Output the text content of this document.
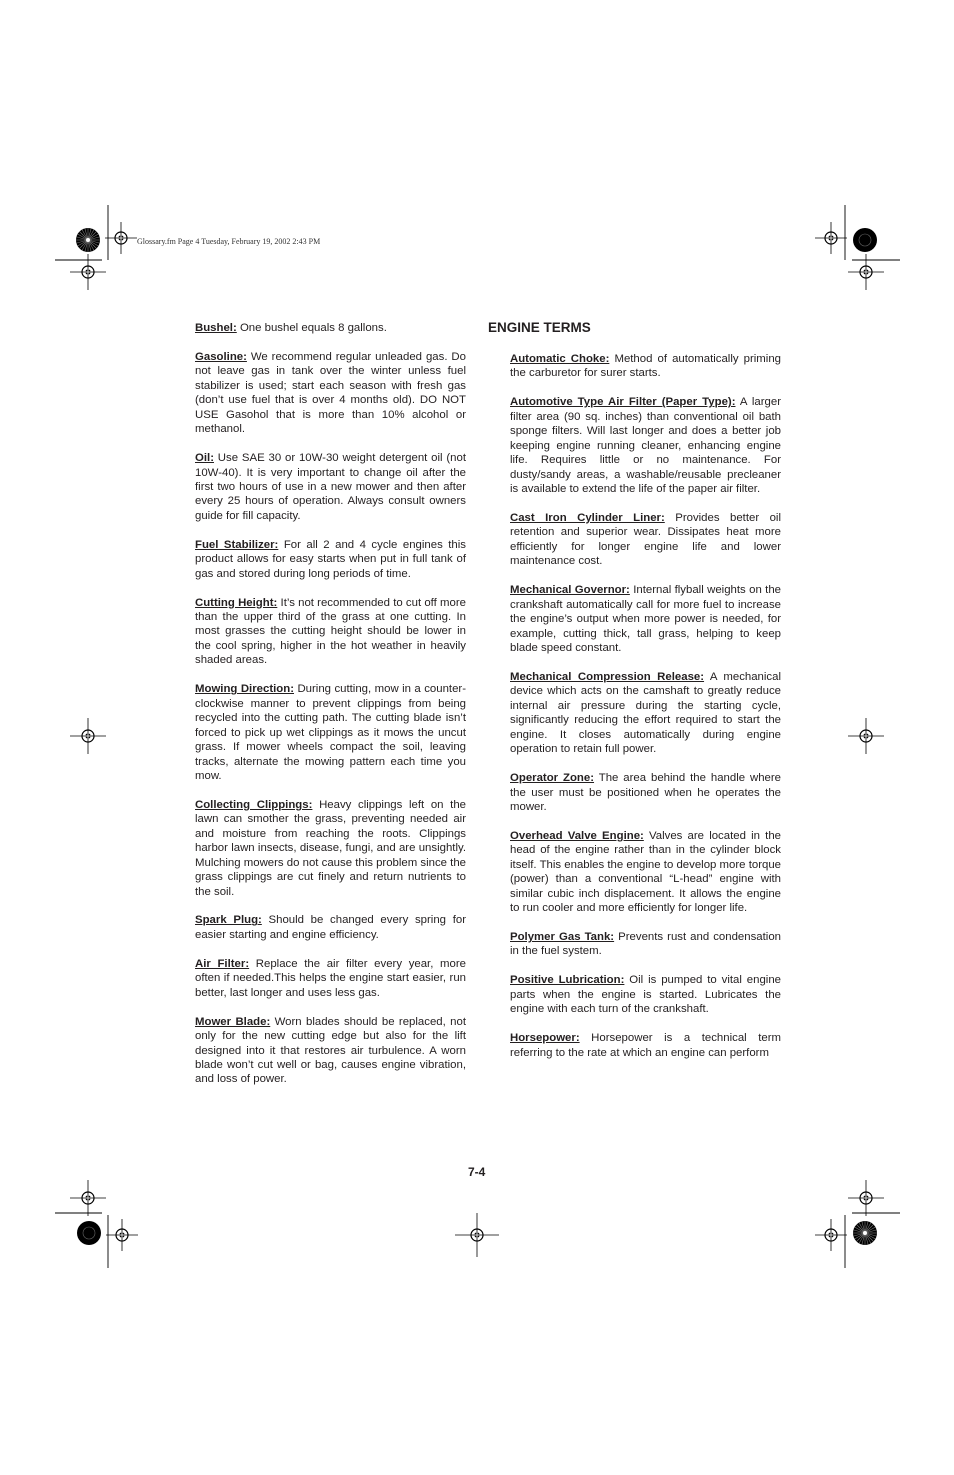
Glossary.fm Page 4 Tuesday, February 19, 2002 2:43 PM

Bushel: One bushel equals 8 gallons.

Gasoline: We recommend regular unleaded gas. Do not leave gas in tank over the winter unless fuel stabilizer is used; start each season with fresh gas (don’t use fuel that is over 4 months old). DO NOT USE Gasohol that is more than 10% alcohol or methanol.

Oil: Use SAE 30 or 10W-30 weight detergent oil (not 10W-40). It is very important to change oil after the first two hours of use in a new mower and then after every 25 hours of operation. Always consult owners guide for fill capacity.

Fuel Stabilizer: For all 2 and 4 cycle engines this product allows for easy starts when put in full tank of gas and stored during long periods of time.

Cutting Height: It’s not recommended to cut off more than the upper third of the grass at one cutting. In most grasses the cutting height should be lower in the cool spring, higher in the hot weather in heavily shaded areas.

Mowing Direction: During cutting, mow in a counter-clockwise manner to prevent clippings from being recycled into the cutting path. The cutting blade isn’t forced to pick up wet clippings as it mows the uncut grass. If mower wheels compact the soil, leaving tracks, alternate the mowing pattern each time you mow.

Collecting Clippings: Heavy clippings left on the lawn can smother the grass, preventing needed air and moisture from reaching the roots. Clippings harbor lawn insects, disease, fungi, and are unsightly. Mulching mowers do not cause this problem since the grass clippings are cut finely and return nutrients to the soil.

Spark Plug: Should be changed every spring for easier starting and engine efficiency.

Air Filter: Replace the air filter every year, more often if needed.This helps the engine start easier, run better, last longer and uses less gas.

Mower Blade: Worn blades should be replaced, not only for the new cutting edge but also for the lift designed into it that restores air turbulence. A worn blade won’t cut well or bag, causes engine vibration, and loss of power.

ENGINE TERMS

Automatic Choke: Method of automatically priming the carburetor for surer starts.

Automotive Type Air Filter (Paper Type): A larger filter area (90 sq. inches) than conventional oil bath sponge filters. Will last longer and does a better job keeping engine running cleaner, enhancing engine life. Requires little or no maintenance. For dusty/sandy areas, a washable/reusable precleaner is available to extend the life of the paper air filter.

Cast Iron Cylinder Liner: Provides better oil retention and superior wear. Dissipates heat more efficiently for longer engine life and lower maintenance cost.

Mechanical Governor: Internal flyball weights on the crankshaft automatically call for more fuel to increase the engine’s output when more power is needed, for example, cutting thick, tall grass, helping to keep blade speed constant.

Mechanical Compression Release: A mechanical device which acts on the camshaft to greatly reduce internal air pressure during the starting cycle, significantly reducing the effort required to start the engine. It closes automatically during engine operation to retain full power.

Operator Zone: The area behind the handle where the user must be positioned when he operates the mower.

Overhead Valve Engine: Valves are located in the head of the engine rather than in the cylinder block itself. This enables the engine to develop more torque (power) than a conventional “L-head” engine with similar cubic inch displacement. It allows the engine to run cooler and more efficiently for longer life.

Polymer Gas Tank: Prevents rust and condensation in the fuel system.

Positive Lubrication: Oil is pumped to vital engine parts when the engine is started. Lubricates the engine with each turn of the crankshaft.

Horsepower: Horsepower is a technical term referring to the rate at which an engine can perform

7-4
